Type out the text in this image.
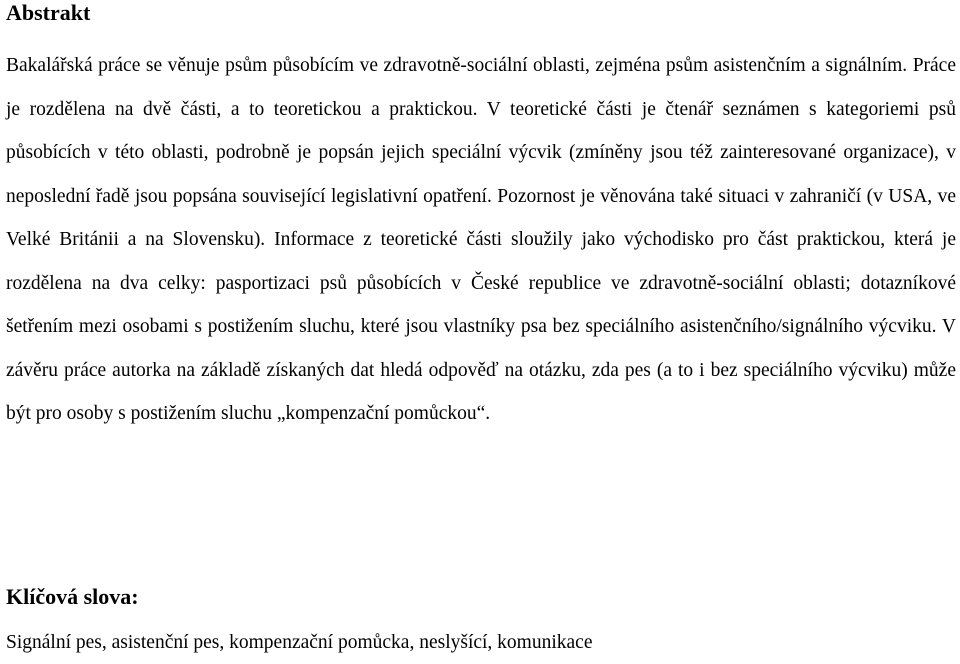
Abstrakt

Bakalářská práce se věnuje psům působícím ve zdravotně-sociální oblasti, zejména psům asistenčním a signálním. Práce je rozdělena na dvě části, a to teoretickou a praktickou. V teoretické části je čtenář seznámen s kategoriemi psů působících v této oblasti, podrobně je popsán jejich speciální výcvik (zmíněny jsou též zainteresované organizace), v neposlední řadě jsou popsána související legislativní opatření. Pozornost je věnována také situaci v zahraničí (v USA, ve Velké Británii a na Slovensku). Informace z teoretické části sloužily jako východisko pro část praktickou, která je rozdělena na dva celky: pasportizaci psů působících v České republice ve zdravotně-sociální oblasti; dotazníkové šetřením mezi osobami s postižením sluchu, které jsou vlastníky psa bez speciálního asistenčního/signálního výcviku. V závěru práce autorka na základě získaných dat hledá odpověď na otázku, zda pes (a to i bez speciálního výcviku) může být pro osoby s postižením sluchu „kompenzační pomůckou“.

Klíčová slova:

Signální pes, asistenční pes, kompenzační pomůcka, neslyšící, komunikace
